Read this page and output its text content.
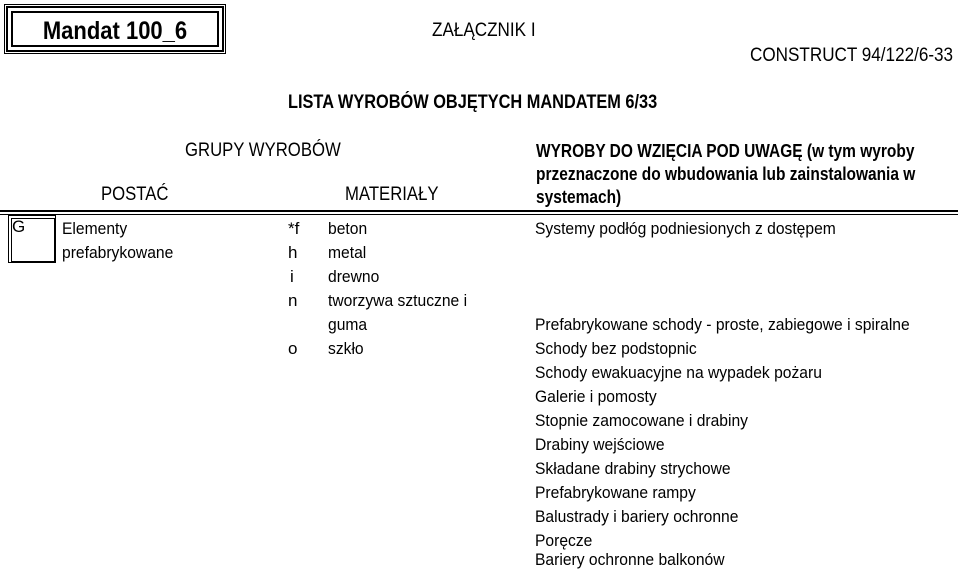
Mandat 100_6	ZAŁĄCZNIK I
CONSTRUCT 94/122/6-33
LISTA WYROBÓW OBJĘTYCH MANDATEM 6/33
GRUPY WYROBÓW
POSTAĆ	MATERIAŁY
WYROBY DO WZIĘCIA POD UWAGĘ (w tym wyroby
przeznaczone do wbudowania lub zainstalowania w
systemach)
G Elementy
prefabrykowane
*f beton
h metal
i drewno
n tworzywa sztuczne i
guma
o szkło
Systemy podłóg podniesionych z dostępem
Prefabrykowane schody - proste, zabiegowe i spiralne
Schody bez podstopnic
Schody ewakuacyjne na wypadek pożaru
Galerie i pomosty
Stopnie zamocowane i drabiny
Drabiny wejściowe
Składane drabiny strychowe
Prefabrykowane rampy
Balustrady i bariery ochronne
Poręcze
Bariery ochronne balkonów
